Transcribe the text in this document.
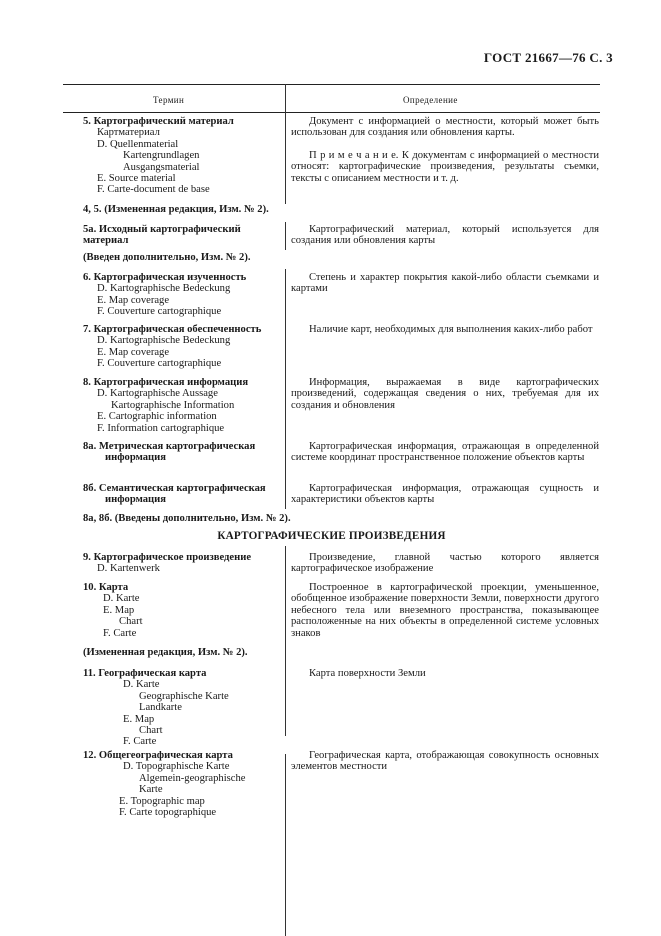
ГОСТ 21667—76 С. 3
Термин	Определение
5. Картографический материал
Картматериал
D. Quellenmaterial
Kartengrundlagen
Ausgangsmaterial
E. Source material
F. Carte-document de base
Документ с информацией о местности, который может быть использован для создания или обновления карты.
П р и м е ч а н и е. К документам с информацией о местности относят: картографические произведения, результаты съемки, тексты с описанием местности и т. д.
4, 5. (Измененная редакция, Изм. № 2).
5а. Исходный картографический материал
Картографический материал, который используется для создания или обновления карты
(Введен дополнительно, Изм. № 2).
6. Картографическая изученность
D. Kartographische Bedeckung
E. Map coverage
F. Couverture cartographique
Степень и характер покрытия какой-либо области съемками и картами
7. Картографическая обеспеченность
D. Kartographische Bedeckung
E. Map coverage
F. Couverture cartographique
Наличие карт, необходимых для выполнения каких-либо работ
8. Картографическая информация
D. Kartographische Aussage
Kartographische Information
E. Cartographic information
F. Information cartographique
Информация, выражаемая в виде картографических произведений, содержащая сведения о них, требуемая для их создания и обновления
8а. Метрическая картографическая информация
Картографическая информация, отражающая в определенной системе координат пространственное положение объектов карты
8б. Семантическая картографическая информация
Картографическая информация, отражающая сущность и характеристики объектов карты
8а, 8б. (Введены дополнительно, Изм. № 2).
КАРТОГРАФИЧЕСКИЕ ПРОИЗВЕДЕНИЯ
9. Картографическое произведение
D. Kartenwerk
Произведение, главной частью которого является картографическое изображение
10. Карта
D. Karte
E. Map
Chart
F. Carte
Построенное в картографической проекции, уменьшенное, обобщенное изображение поверхности Земли, поверхности другого небесного тела или внеземного пространства, показывающее расположенные на них объекты в определенной системе условных знаков
(Измененная редакция, Изм. № 2).
11. Географическая карта
D. Karte
Geographische Karte
Landkarte
E. Map
Chart
F. Carte
Карта поверхности Земли
12. Общегеографическая карта
D. Topographische Karte
Algemein-geographische
Karte
E. Topographic map
F. Carte topographique
Географическая карта, отображающая совокупность основных элементов местности
